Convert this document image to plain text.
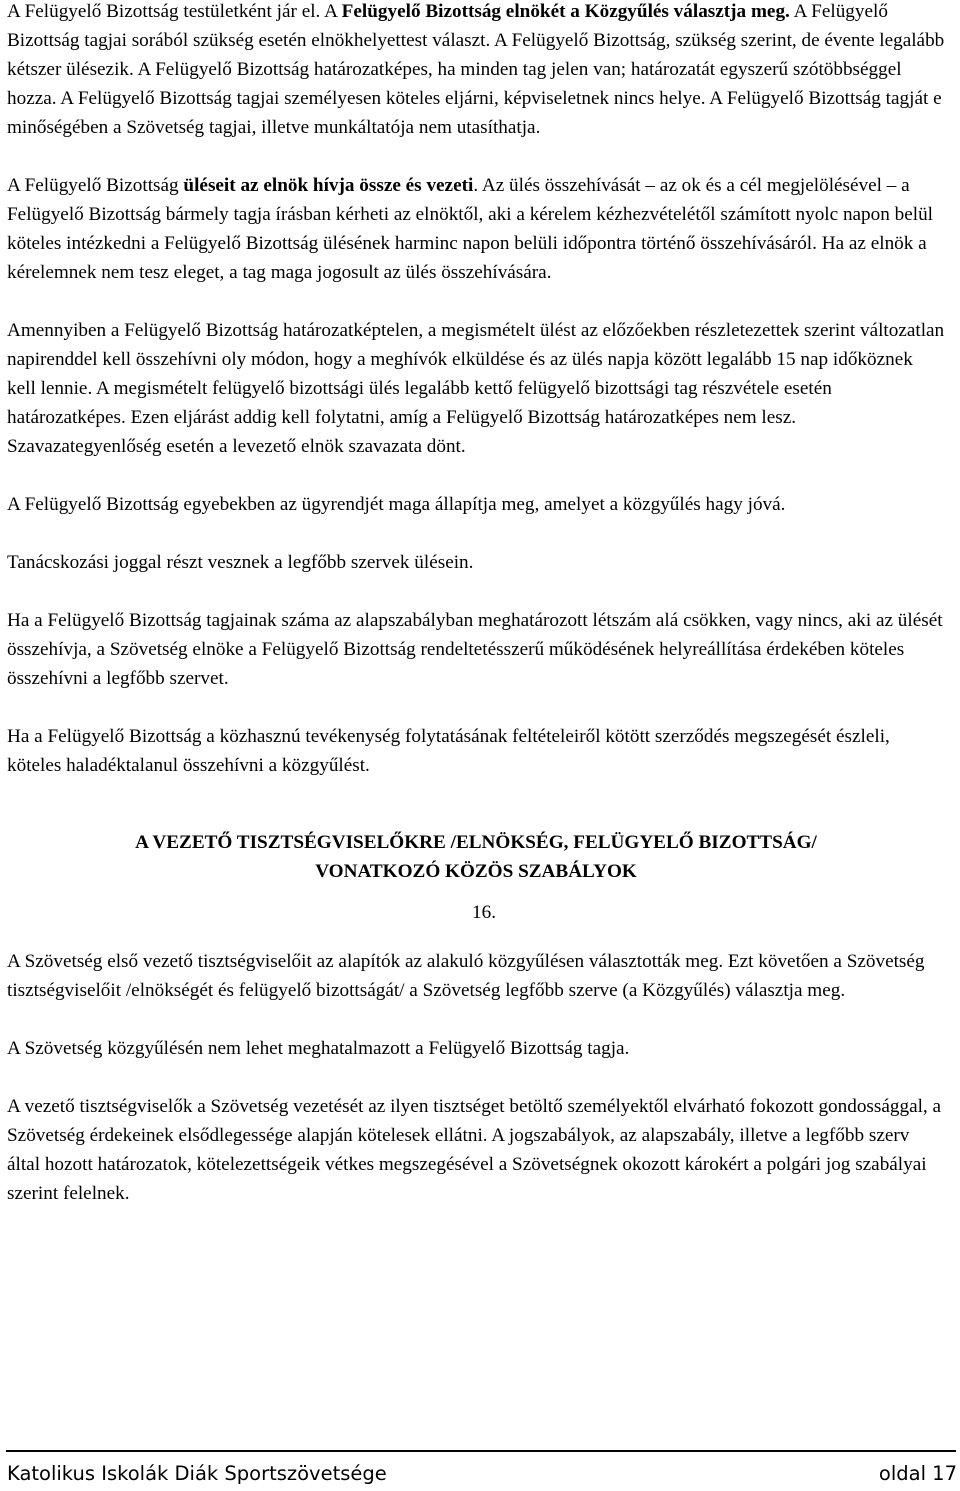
A Felügyelő Bizottság testületként jár el. A Felügyelő Bizottság elnökét a Közgyűlés választja meg. A Felügyelő Bizottság tagjai sorából szükség esetén elnökhelyettest választ. A Felügyelő Bizottság, szükség szerint, de évente legalább kétszer ülésezik. A Felügyelő Bizottság határozatképes, ha minden tag jelen van; határozatát egyszerű szótöbbséggel hozza. A Felügyelő Bizottság tagjai személyesen köteles eljárni, képviseletnek nincs helye. A Felügyelő Bizottság tagját e minőségében a Szövetség tagjai, illetve munkáltatója nem utasíthatja.

A Felügyelő Bizottság üléseit az elnök hívja össze és vezeti. Az ülés összehívását – az ok és a cél megjelölésével – a Felügyelő Bizottság bármely tagja írásban kérheti az elnöktől, aki a kérelem kézhezvételétől számított nyolc napon belül köteles intézkedni a Felügyelő Bizottság ülésének harminc napon belüli időpontra történő összehívásáról. Ha az elnök a kérelemnek nem tesz eleget, a tag maga jogosult az ülés összehívására.

Amennyiben a Felügyelő Bizottság határozatképtelen, a megismételt ülést az előzőekben részletezettek szerint változatlan napirenddel kell összehívni oly módon, hogy a meghívók elküldése és az ülés napja között legalább 15 nap időköznek kell lennie. A megismételt felügyelő bizottsági ülés legalább kettő felügyelő bizottsági tag részvétele esetén határozatképes. Ezen eljárást addig kell folytatni, amíg a Felügyelő Bizottság határozatképes nem lesz. Szavazategyenlőség esetén a levezető elnök szavazata dönt.

A Felügyelő Bizottság egyebekben az ügyrendjét maga állapítja meg, amelyet a közgyűlés hagy jóvá.

Tanácskozási joggal részt vesznek a legfőbb szervek ülésein.

Ha a Felügyelő Bizottság tagjainak száma az alapszabályban meghatározott létszám alá csökken, vagy nincs, aki az ülését összehívja, a Szövetség elnöke a Felügyelő Bizottság rendeltetésszerű működésének helyreállítása érdekében köteles összehívni a legfőbb szervet.

Ha a Felügyelő Bizottság a közhasznú tevékenység folytatásának feltételeiről kötött szerződés megszegését észleli, köteles haladéktalanul összehívni a közgyűlést.

A VEZETŐ TISZTSÉGVISELŐKRE /ELNÖKSÉG, FELÜGYELŐ BIZOTTSÁG/
VONATKOZÓ KÖZÖS SZABÁLYOK
16.

A Szövetség első vezető tisztségviselőit az alapítók az alakuló közgyűlésen választották meg. Ezt követően a Szövetség tisztségviselőit /elnökségét és felügyelő bizottságát/ a Szövetség legfőbb szerve (a Közgyűlés) választja meg.

A Szövetség közgyűlésén nem lehet meghatalmazott a Felügyelő Bizottság tagja.

A vezető tisztségviselők a Szövetség vezetését az ilyen tisztséget betöltő személyektől elvárható fokozott gondossággal, a Szövetség érdekeinek elsődlegessége alapján kötelesek ellátni. A jogszabályok, az alapszabály, illetve a legfőbb szerv által hozott határozatok, kötelezettségeik vétkes megszegésével a Szövetségnek okozott károkért a polgári jog szabályai szerint felelnek.

Katolikus Iskolák Diák Sportszövetsége	oldal 17
